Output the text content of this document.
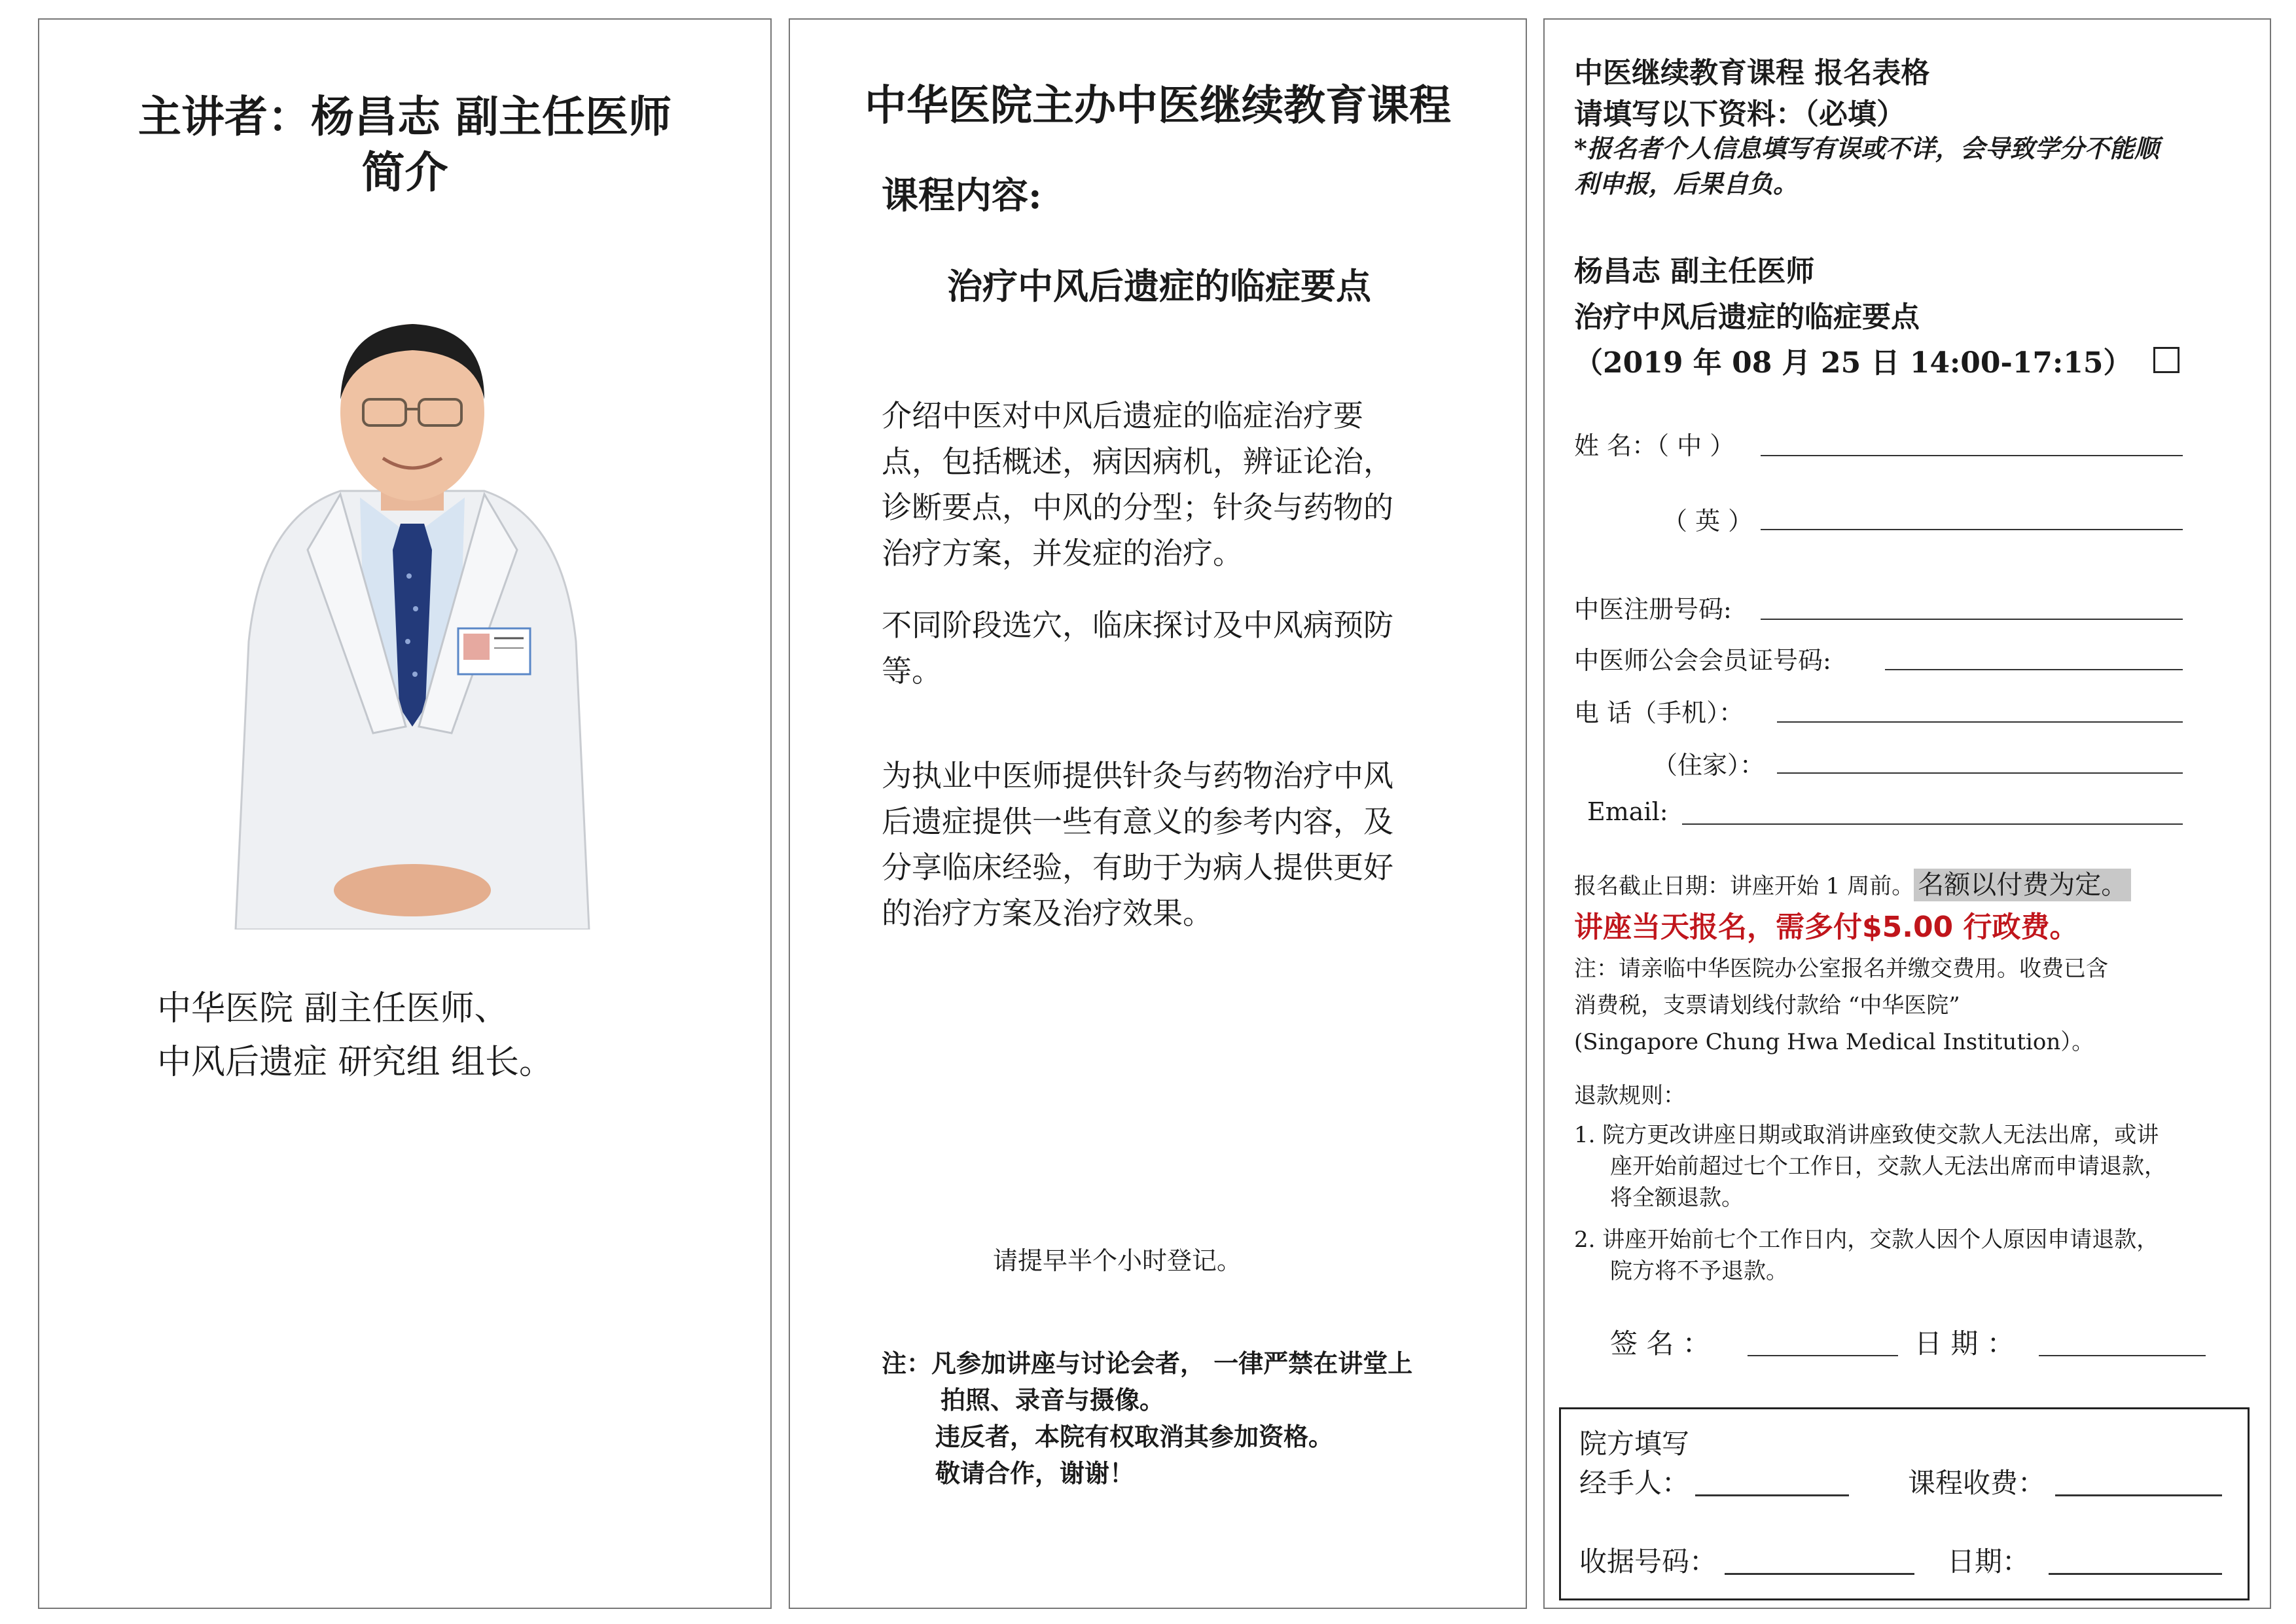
主讲者：杨昌志 副主任医师
简介
中华医院 副主任医师、
中风后遗症 研究组 组长。
中华医院主办中医继续教育课程
课程内容:
治疗中风后遗症的临症要点
介绍中医对中风后遗症的临症治疗要
点，包括概述，病因病机，辨证论治，
诊断要点，中风的分型；针灸与药物的
治疗方案，并发症的治疗。
不同阶段选穴，临床探讨及中风病预防
等。
为执业中医师提供针灸与药物治疗中风
后遗症提供一些有意义的参考内容，及
分享临床经验，有助于为病人提供更好
的治疗方案及治疗效果。
请提早半个小时登记。
注：凡参加讲座与讨论会者， 一律严禁在讲堂上
拍照、录音与摄像。
违反者，本院有权取消其参加资格。
敬请合作，谢谢！
中医继续教育课程 报名表格
请填写以下资料：（必填）
*报名者个人信息填写有误或不详，会导致学分不能顺
利申报，后果自负。
杨昌志 副主任医师
治疗中风后遗症的临症要点
（2019 年 08 月 25 日 14:00-17:15）
姓 名：（ 中 ）
（ 英 ）
中医注册号码:
中医师公会会员证号码:
电 话（手机）：
（住家）：
Email:
报名截止日期：讲座开始 1 周前。 名额以付费为定。
讲座当天报名，需多付$5.00 行政费。
注：请亲临中华医院办公室报名并缴交费用。收费已含
消费税，支票请划线付款给 “中华医院”
(Singapore Chung Hwa Medical Institution）。
退款规则：
1. 院方更改讲座日期或取消讲座致使交款人无法出席，或讲
座开始前超过七个工作日，交款人无法出席而申请退款，
将全额退款。
2. 讲座开始前七个工作日内，交款人因个人原因申请退款，
院方将不予退款。
签 名 ：	日 期 ：
院方填写
经手人：	课程收费：
收据号码：	日期：
